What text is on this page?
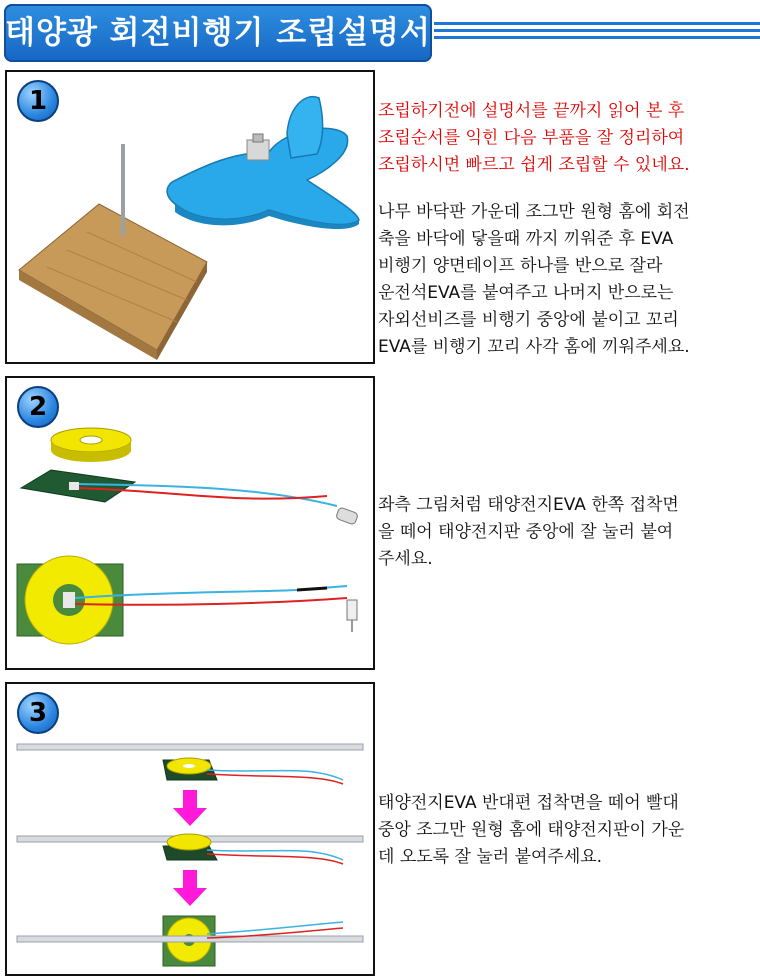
태양광 회전비행기 조립설명서
1	조립하기전에 설명서를 끝까지 읽어 본 후

조립순서를 익힌 다음 부품을 잘 정리하여

조립하시면 빠르고 쉽게 조립할 수 있네요.

나무 바닥판 가운데 조그만 원형 홈에 회전

축을 바닥에 닿을때 까지 끼워준 후 EVA

비행기 양면테이프 하나를 반으로 잘라

운전석EVA를 붙여주고 나머지 반으로는

자외선비즈를 비행기 중앙에 붙이고 꼬리

EVA를 비행기 꼬리 사각 홈에 끼워주세요.

2

좌측 그림처럼 태양전지EVA 한쪽 접착면

을 떼어 태양전지판 중앙에 잘 눌러 붙여

주세요.

3

태양전지EVA 반대편 접착면을 떼어 빨대

중앙 조그만 원형 홈에 태양전지판이 가운

데 오도록 잘 눌러 붙여주세요.
